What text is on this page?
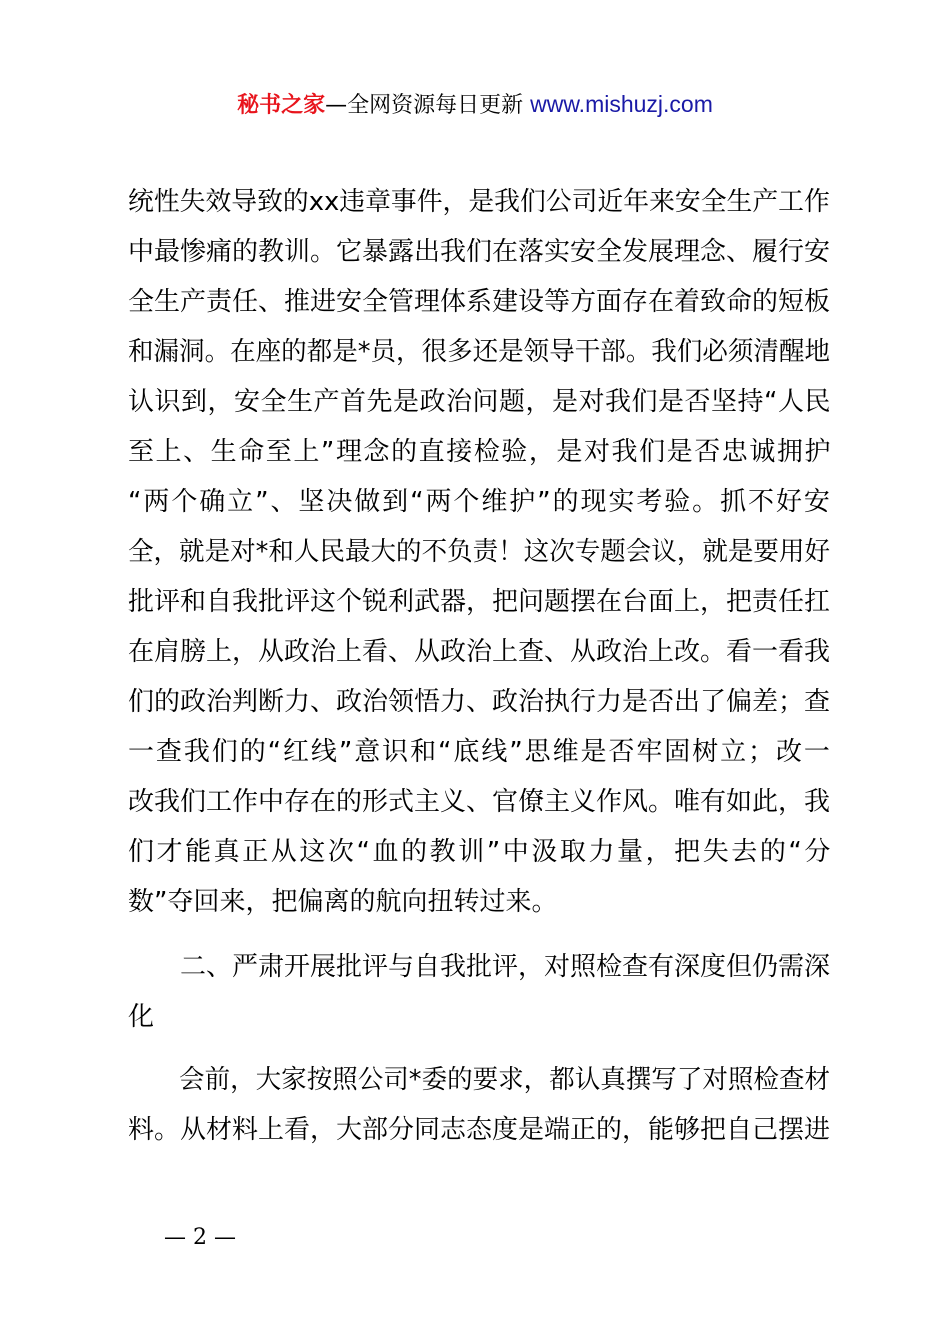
秘书之家—全网资源每日更新 www.mishuzj.com
统性失效导致的xx违章事件，是我们公司近年来安全生产工作
中最惨痛的教训。它暴露出我们在落实安全发展理念、履行安
全生产责任、推进安全管理体系建设等方面存在着致命的短板
和漏洞。在座的都是*员，很多还是领导干部。我们必须清醒地
认识到，安全生产首先是政治问题，是对我们是否坚持“人民
至上、生命至上”理念的直接检验，是对我们是否忠诚拥护
“两个确立”、坚决做到“两个维护”的现实考验。抓不好安
全，就是对*和人民最大的不负责！这次专题会议，就是要用好
批评和自我批评这个锐利武器，把问题摆在台面上，把责任扛
在肩膀上，从政治上看、从政治上查、从政治上改。看一看我
们的政治判断力、政治领悟力、政治执行力是否出了偏差；查
一查我们的“红线”意识和“底线”思维是否牢固树立；改一
改我们工作中存在的形式主义、官僚主义作风。唯有如此，我
们才能真正从这次“血的教训”中汲取力量，把失去的“分
数”夺回来，把偏离的航向扭转过来。
　　二、严肃开展批评与自我批评，对照检查有深度但仍需深
化
　　会前，大家按照公司*委的要求，都认真撰写了对照检查材
料。从材料上看，大部分同志态度是端正的，能够把自己摆进
— 2 —
